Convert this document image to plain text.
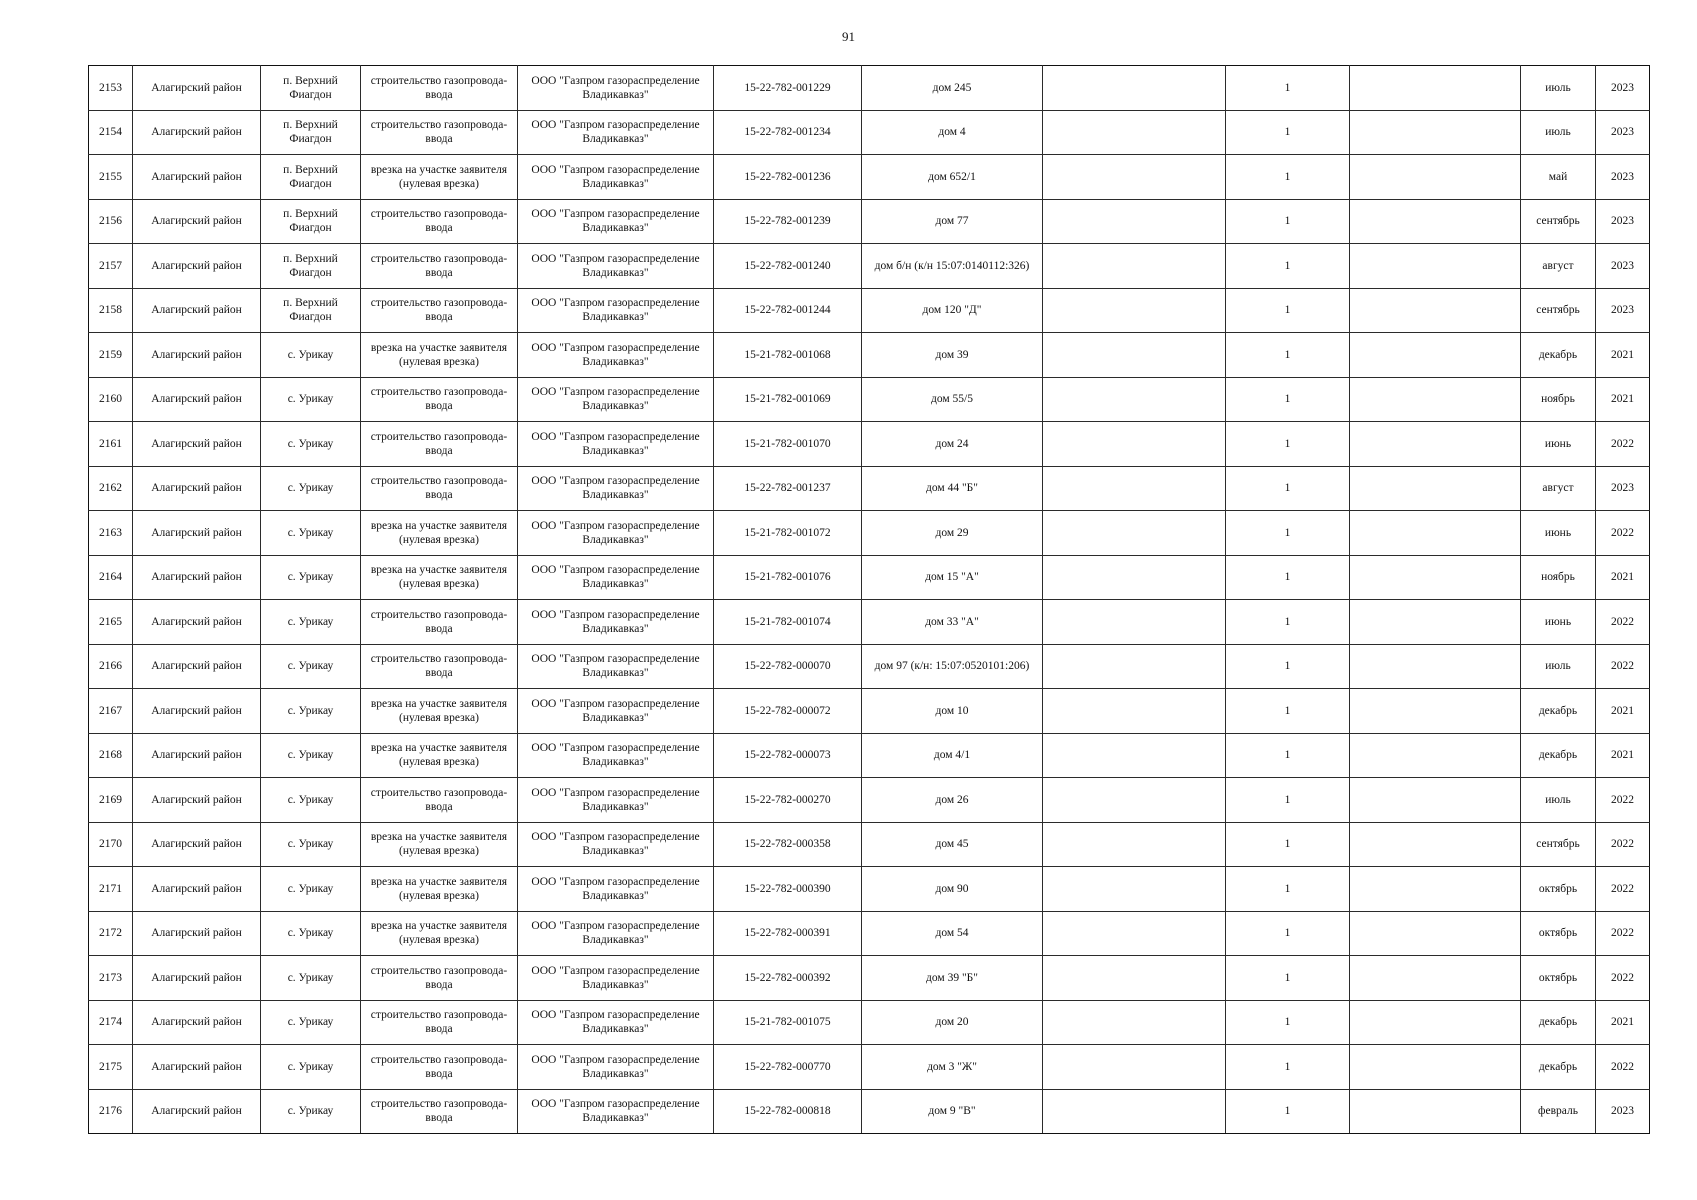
91
2153	Алагирский район	п. Верхний Фиагдон	строительство газопровода-ввода	ООО "Газпром газораспределение Владикавказ"	15-22-782-001229	дом 245		1		июль	2023
2154	Алагирский район	п. Верхний Фиагдон	строительство газопровода-ввода	ООО "Газпром газораспределение Владикавказ"	15-22-782-001234	дом 4		1		июль	2023
2155	Алагирский район	п. Верхний Фиагдон	врезка на участке заявителя (нулевая врезка)	ООО "Газпром газораспределение Владикавказ"	15-22-782-001236	дом 652/1		1		май	2023
2156	Алагирский район	п. Верхний Фиагдон	строительство газопровода-ввода	ООО "Газпром газораспределение Владикавказ"	15-22-782-001239	дом 77		1		сентябрь	2023
2157	Алагирский район	п. Верхний Фиагдон	строительство газопровода-ввода	ООО "Газпром газораспределение Владикавказ"	15-22-782-001240	дом б/н (к/н 15:07:0140112:326)		1		август	2023
2158	Алагирский район	п. Верхний Фиагдон	строительство газопровода-ввода	ООО "Газпром газораспределение Владикавказ"	15-22-782-001244	дом 120 "Д"		1		сентябрь	2023
2159	Алагирский район	с. Урикау	врезка на участке заявителя (нулевая врезка)	ООО "Газпром газораспределение Владикавказ"	15-21-782-001068	дом 39		1		декабрь	2021
2160	Алагирский район	с. Урикау	строительство газопровода-ввода	ООО "Газпром газораспределение Владикавказ"	15-21-782-001069	дом 55/5		1		ноябрь	2021
2161	Алагирский район	с. Урикау	строительство газопровода-ввода	ООО "Газпром газораспределение Владикавказ"	15-21-782-001070	дом 24		1		июнь	2022
2162	Алагирский район	с. Урикау	строительство газопровода-ввода	ООО "Газпром газораспределение Владикавказ"	15-22-782-001237	дом 44 "Б"		1		август	2023
2163	Алагирский район	с. Урикау	врезка на участке заявителя (нулевая врезка)	ООО "Газпром газораспределение Владикавказ"	15-21-782-001072	дом 29		1		июнь	2022
2164	Алагирский район	с. Урикау	врезка на участке заявителя (нулевая врезка)	ООО "Газпром газораспределение Владикавказ"	15-21-782-001076	дом 15 "А"		1		ноябрь	2021
2165	Алагирский район	с. Урикау	строительство газопровода-ввода	ООО "Газпром газораспределение Владикавказ"	15-21-782-001074	дом 33 "А"		1		июнь	2022
2166	Алагирский район	с. Урикау	строительство газопровода-ввода	ООО "Газпром газораспределение Владикавказ"	15-22-782-000070	дом 97 (к/н: 15:07:0520101:206)		1		июль	2022
2167	Алагирский район	с. Урикау	врезка на участке заявителя (нулевая врезка)	ООО "Газпром газораспределение Владикавказ"	15-22-782-000072	дом 10		1		декабрь	2021
2168	Алагирский район	с. Урикау	врезка на участке заявителя (нулевая врезка)	ООО "Газпром газораспределение Владикавказ"	15-22-782-000073	дом 4/1		1		декабрь	2021
2169	Алагирский район	с. Урикау	строительство газопровода-ввода	ООО "Газпром газораспределение Владикавказ"	15-22-782-000270	дом 26		1		июль	2022
2170	Алагирский район	с. Урикау	врезка на участке заявителя (нулевая врезка)	ООО "Газпром газораспределение Владикавказ"	15-22-782-000358	дом 45		1		сентябрь	2022
2171	Алагирский район	с. Урикау	врезка на участке заявителя (нулевая врезка)	ООО "Газпром газораспределение Владикавказ"	15-22-782-000390	дом 90		1		октябрь	2022
2172	Алагирский район	с. Урикау	врезка на участке заявителя (нулевая врезка)	ООО "Газпром газораспределение Владикавказ"	15-22-782-000391	дом 54		1		октябрь	2022
2173	Алагирский район	с. Урикау	строительство газопровода-ввода	ООО "Газпром газораспределение Владикавказ"	15-22-782-000392	дом 39 "Б"		1		октябрь	2022
2174	Алагирский район	с. Урикау	строительство газопровода-ввода	ООО "Газпром газораспределение Владикавказ"	15-21-782-001075	дом 20		1		декабрь	2021
2175	Алагирский район	с. Урикау	строительство газопровода-ввода	ООО "Газпром газораспределение Владикавказ"	15-22-782-000770	дом 3 "Ж"		1		декабрь	2022
2176	Алагирский район	с. Урикау	строительство газопровода-ввода	ООО "Газпром газораспределение Владикавказ"	15-22-782-000818	дом 9 "В"		1		февраль	2023
